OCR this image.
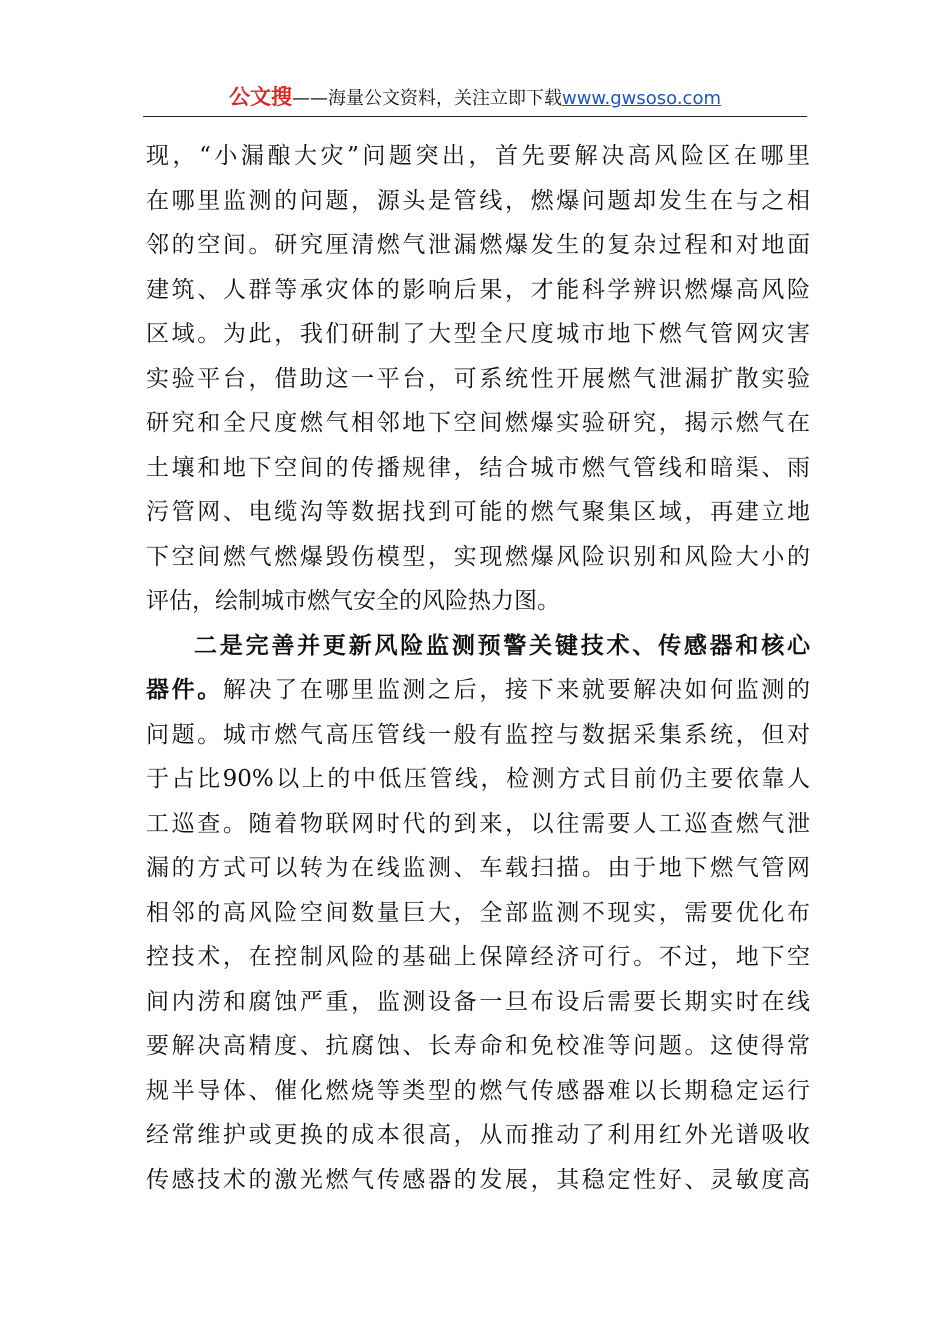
公文搜——海量公文资料，关注立即下载www.gwsoso.com
现，“小漏酿大灾”问题突出，首先要解决高风险区在哪里
在哪里监测的问题，源头是管线，燃爆问题却发生在与之相
邻的空间。研究厘清燃气泄漏燃爆发生的复杂过程和对地面
建筑、人群等承灾体的影响后果，才能科学辨识燃爆高风险
区域。为此，我们研制了大型全尺度城市地下燃气管网灾害
实验平台，借助这一平台，可系统性开展燃气泄漏扩散实验
研究和全尺度燃气相邻地下空间燃爆实验研究，揭示燃气在
土壤和地下空间的传播规律，结合城市燃气管线和暗渠、雨
污管网、电缆沟等数据找到可能的燃气聚集区域，再建立地
下空间燃气燃爆毁伤模型，实现燃爆风险识别和风险大小的
评估，绘制城市燃气安全的风险热力图。
二是完善并更新风险监测预警关键技术、传感器和核心
器件。解决了在哪里监测之后，接下来就要解决如何监测的
问题。城市燃气高压管线一般有监控与数据采集系统，但对
于占比90%以上的中低压管线，检测方式目前仍主要依靠人
工巡查。随着物联网时代的到来，以往需要人工巡查燃气泄
漏的方式可以转为在线监测、车载扫描。由于地下燃气管网
相邻的高风险空间数量巨大，全部监测不现实，需要优化布
控技术，在控制风险的基础上保障经济可行。不过，地下空
间内涝和腐蚀严重，监测设备一旦布设后需要长期实时在线
要解决高精度、抗腐蚀、长寿命和免校准等问题。这使得常
规半导体、催化燃烧等类型的燃气传感器难以长期稳定运行
经常维护或更换的成本很高，从而推动了利用红外光谱吸收
传感技术的激光燃气传感器的发展，其稳定性好、灵敏度高
